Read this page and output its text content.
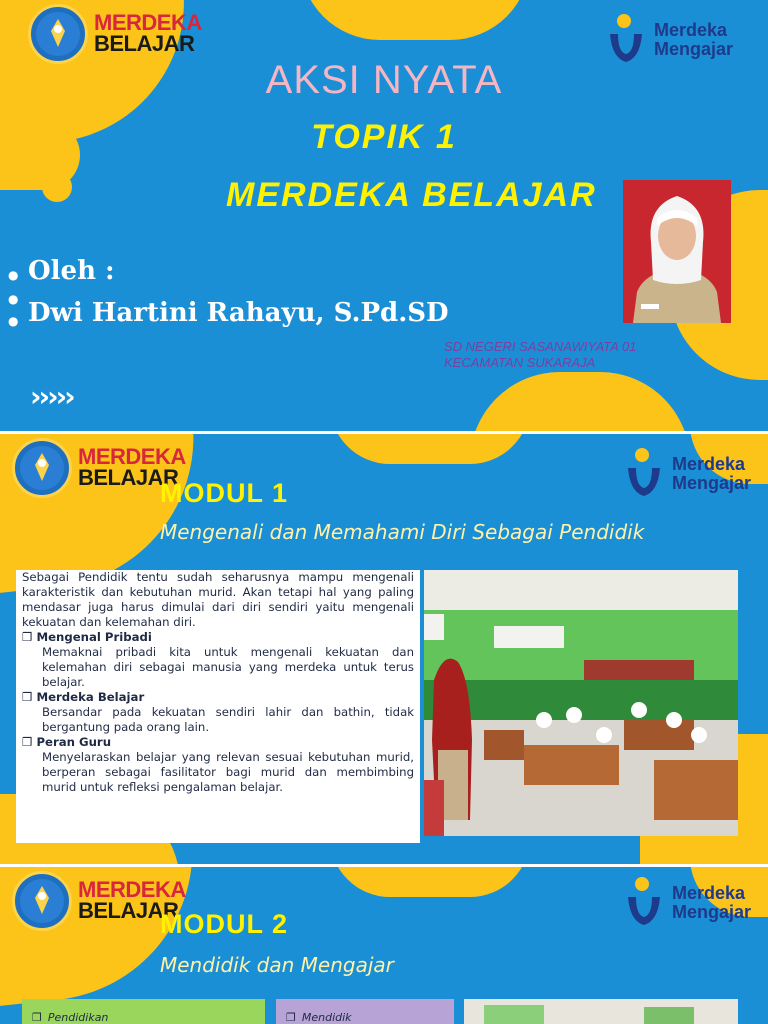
MERDEKA
BELAJAR
Merdeka
Mengajar
AKSI NYATA
TOPIK 1
MERDEKA BELAJAR
● Oleh :
●
● Dwi Hartini Rahayu, S.Pd.SD
SD NEGERI SASANAWIYATA 01
KECAMATAN SUKARAJA
›››››
MERDEKA
BELAJAR
Merdeka
Mengajar
MODUL 1
Mengenali dan Memahami Diri Sebagai Pendidik
›››››
Sebagai Pendidik tentu sudah seharusnya mampu mengenali karakteristik dan kebutuhan murid. Akan tetapi hal yang paling mendasar juga harus dimulai dari diri sendiri yaitu mengenali kekuatan dan kelemahan diri.
❒ Mengenal Pribadi
Memaknai pribadi kita untuk mengenali kekuatan dan kelemahan diri sebagai manusia yang merdeka untuk terus belajar.
❒ Merdeka Belajar
Bersandar pada kekuatan sendiri lahir dan bathin, tidak bergantung pada orang lain.
❒ Peran Guru
Menyelaraskan belajar yang relevan sesuai kebutuhan murid, berperan sebagai fasilitator bagi murid dan membimbing murid untuk refleksi pengalaman belajar.
MERDEKA
BELAJAR
Merdeka
Mengajar
MODUL 2
Mendidik dan Mengajar
❒ Pendidikan
❒	Mendidik
